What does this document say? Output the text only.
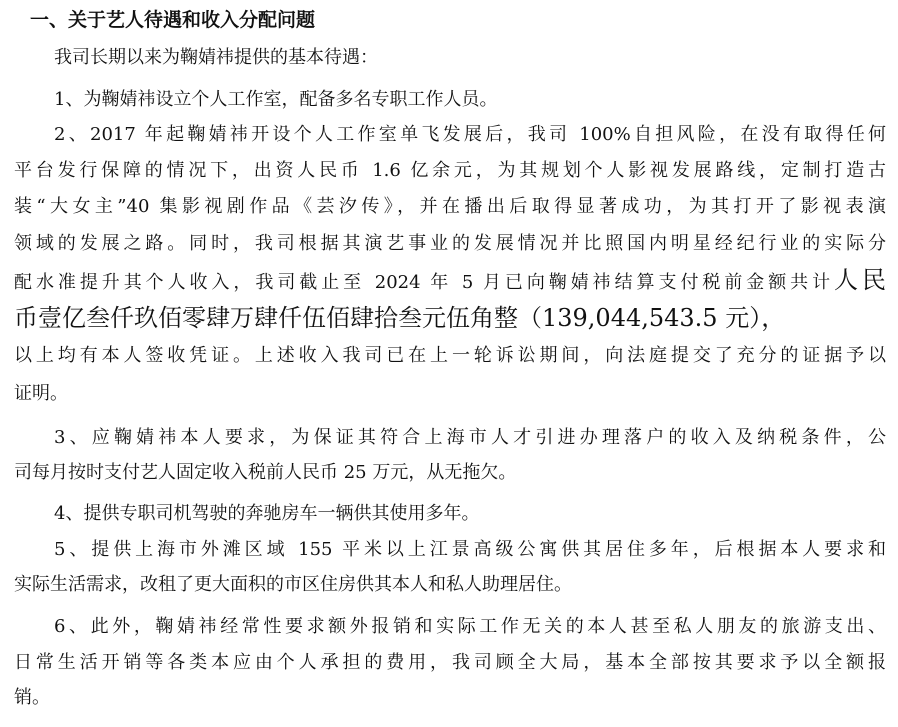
一、关于艺人待遇和收入分配问题
我司长期以来为鞠婧祎提供的基本待遇：
1、为鞠婧祎设立个人工作室，配备多名专职工作人员。
2、2017 年起鞠婧祎开设个人工作室单飞发展后，我司 100%自担风险，在没有取得任何
平台发行保障的情况下，出资人民币 1.6 亿余元，为其规划个人影视发展路线，定制打造古
装“大女主”40 集影视剧作品《芸汐传》，并在播出后取得显著成功，为其打开了影视表演
领域的发展之路。同时，我司根据其演艺事业的发展情况并比照国内明星经纪行业的实际分
配水准提升其个人收入，我司截止至 2024 年 5 月已向鞠婧祎结算支付税前金额共计人民
币壹亿叁仟玖佰零肆万肆仟伍佰肆拾叁元伍角整（139,044,543.5 元），
以上均有本人签收凭证。上述收入我司已在上一轮诉讼期间，向法庭提交了充分的证据予以
证明。
3、应鞠婧祎本人要求，为保证其符合上海市人才引进办理落户的收入及纳税条件，公
司每月按时支付艺人固定收入税前人民币 25 万元，从无拖欠。
4、提供专职司机驾驶的奔驰房车一辆供其使用多年。
5、提供上海市外滩区域 155 平米以上江景高级公寓供其居住多年，后根据本人要求和
实际生活需求，改租了更大面积的市区住房供其本人和私人助理居住。
6、此外，鞠婧祎经常性要求额外报销和实际工作无关的本人甚至私人朋友的旅游支出、
日常生活开销等各类本应由个人承担的费用，我司顾全大局，基本全部按其要求予以全额报
销。
